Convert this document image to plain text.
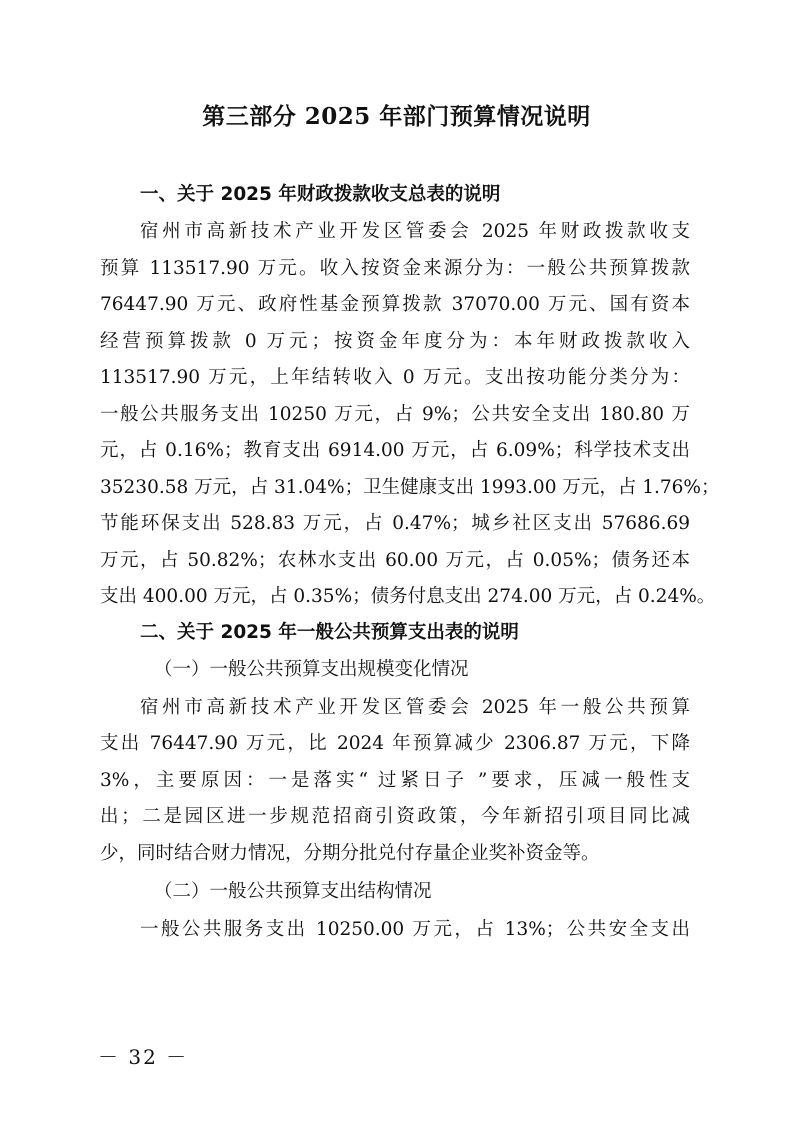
第三部分 2025 年部门预算情况说明
一、关于 2025 年财政拨款收支总表的说明
宿州市高新技术产业开发区管委会 2025 年财政拨款收支
预算 113517.90 万元。收入按资金来源分为：一般公共预算拨款
76447.90 万元、政府性基金预算拨款 37070.00 万元、国有资本
经营预算拨款 0 万元；按资金年度分为：本年财政拨款收入
113517.90 万元，上年结转收入 0 万元。支出按功能分类分为：
一般公共服务支出 10250 万元，占 9%；公共安全支出 180.80 万
元，占 0.16%；教育支出 6914.00 万元，占 6.09%；科学技术支出
35230.58 万元，占 31.04%；卫生健康支出 1993.00 万元，占 1.76%；
节能环保支出 528.83 万元，占 0.47%；城乡社区支出 57686.69
万元，占 50.82%；农林水支出 60.00 万元，占 0.05%；债务还本
支出 400.00 万元，占 0.35%；债务付息支出 274.00 万元，占 0.24%。
二、关于 2025 年一般公共预算支出表的说明
（一）一般公共预算支出规模变化情况
宿州市高新技术产业开发区管委会 2025 年一般公共预算
支出 76447.90 万元，比 2024 年预算减少 2306.87 万元，下降
3%，主要原因：一是落实“ 过紧日子 ”要求，压减一般性支
出；二是园区进一步规范招商引资政策，今年新招引项目同比减
少，同时结合财力情况，分期分批兑付存量企业奖补资金等。
（二）一般公共预算支出结构情况
一般公共服务支出 10250.00 万元，占 13%；公共安全支出
－ 32 －
